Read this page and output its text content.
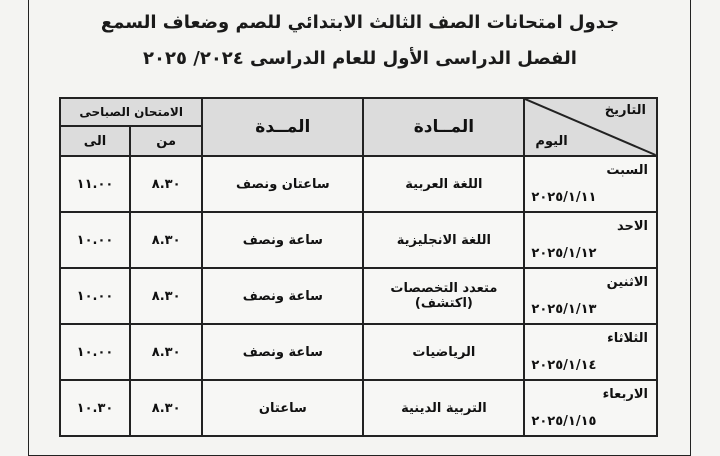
جدول امتحانات الصف الثالث الابتدائي للصم وضعاف السمع
الفصل الدراسى الأول للعام الدراسى ٢٠٢٤/ ٢٠٢٥
التاريخ
اليوم	المــادة	المــدة	الامتحان الصباحى	
			من	الى

السبت
٢٠٢٥/١/١١	اللغة العربية	ساعتان ونصف	٨.٣٠	١١.٠٠

الاحد
٢٠٢٥/١/١٢	اللغة الانجليزية	ساعة ونصف	٨.٣٠	١٠.٠٠

الاثنين
٢٠٢٥/١/١٣	متعدد التخصصات (اكتشف)	ساعة ونصف	٨.٣٠	١٠.٠٠

الثلاثاء
٢٠٢٥/١/١٤	الرياضيات	ساعة ونصف	٨.٣٠	١٠.٠٠

الاربعاء
٢٠٢٥/١/١٥	التربية الدينية	ساعتان	٨.٣٠	١٠.٣٠
